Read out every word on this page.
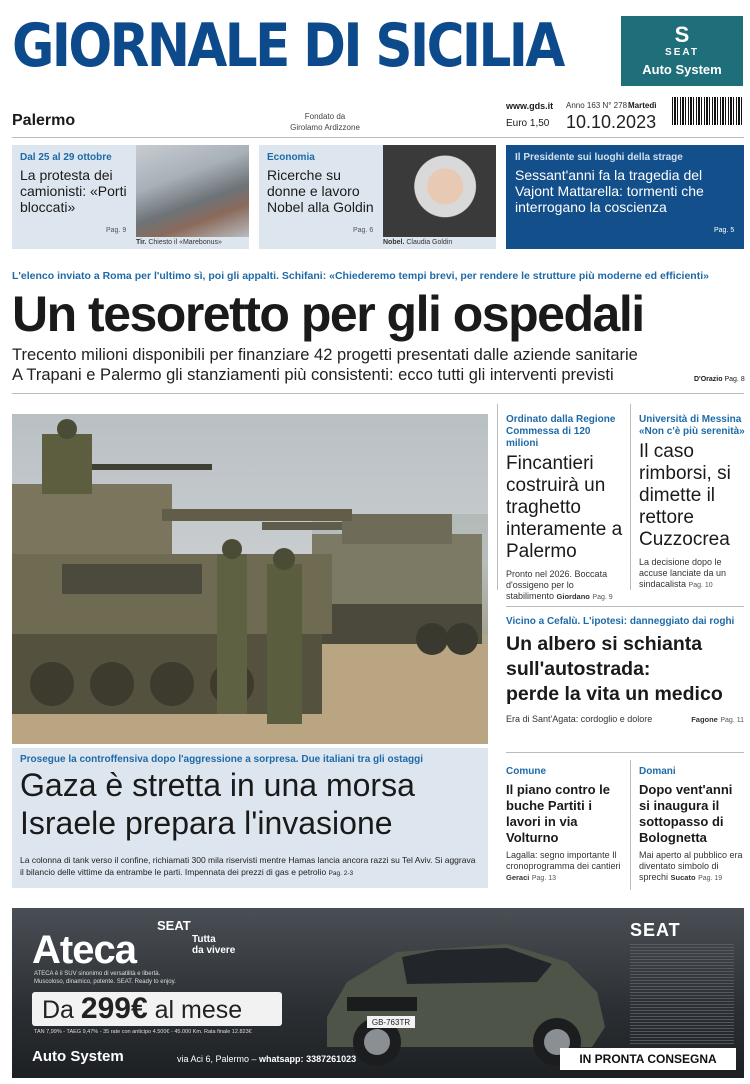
GIORNALE DI SICILIA	S
SEAT
Auto System
Palermo	Fondato da
Girolamo Ardizzone
www.gds.it
Euro 1,50
Anno 163 N° 278 Martedì
10.10.2023
Dal 25 al 29 ottobre
La protesta dei camionisti: «Porti bloccati»
Pag. 9
Tir. Chiesto il «Marebonus»
Economia
Ricerche su donne e lavoro Nobel alla Goldin
Pag. 6
Nobel. Claudia Goldin
Il Presidente sui luoghi della strage
Sessant'anni fa la tragedia del Vajont Mattarella: tormenti che interrogano la coscienza
Pag. 5
L'elenco inviato a Roma per l'ultimo sì, poi gli appalti. Schifani: «Chiederemo tempi brevi, per rendere le strutture più moderne ed efficienti»
Un tesoretto per gli ospedali
Trecento milioni disponibili per finanziare 42 progetti presentati dalle aziende sanitarie
A Trapani e Palermo gli stanziamenti più consistenti: ecco tutti gli interventi previsti	D'Orazio Pag. 8
Prosegue la controffensiva dopo l'aggressione a sorpresa. Due italiani tra gli ostaggi
Gaza è stretta in una morsa
Israele prepara l'invasione
La colonna di tank verso il confine, richiamati 300 mila riservisti mentre Hamas lancia ancora razzi su Tel Aviv. Si aggrava il bilancio delle vittime da entrambe le parti. Impennata dei prezzi di gas e petrolio Pag. 2-3
Ordinato dalla Regione
Commessa di 120 milioni
Fincantieri costruirà un traghetto interamente a Palermo
Pronto nel 2026. Boccata d'ossigeno per lo stabilimento Giordano Pag. 9
Università di Messina
«Non c'è più serenità»
Il caso rimborsi, si dimette il rettore Cuzzocrea
La decisione dopo le accuse lanciate da un sindacalista Pag. 10
Vicino a Cefalù. L'ipotesi: danneggiato dai roghi
Un albero si schianta
sull'autostrada:
perde la vita un medico
Era di Sant'Agata: cordoglio e dolore	Fagone Pag. 11
Comune
Il piano contro le buche Partiti i lavori in via Volturno
Lagalla: segno importante Il cronoprogramma dei cantieri Geraci Pag. 13
Domani
Dopo vent'anni si inaugura il sottopasso di Bolognetta
Mai aperto al pubblico era diventato simbolo di sprechi Sucato Pag. 19
SEAT
Ateca	Tutta
da vivere
ATECA è il SUV sinonimo di versatilità e libertà.
Muscoloso, dinamico, potente. SEAT. Ready to enjoy.
Da 299€ al mese
TAN 7,99% - TAEG 9,47% - 35 rate con anticipo 4.500€ - 45.000 Km. Rata finale 12.823€
Auto System	via Aci 6, Palermo – whatsapp: 3387261023
GB-763TR
SEAT
IN PRONTA CONSEGNA
